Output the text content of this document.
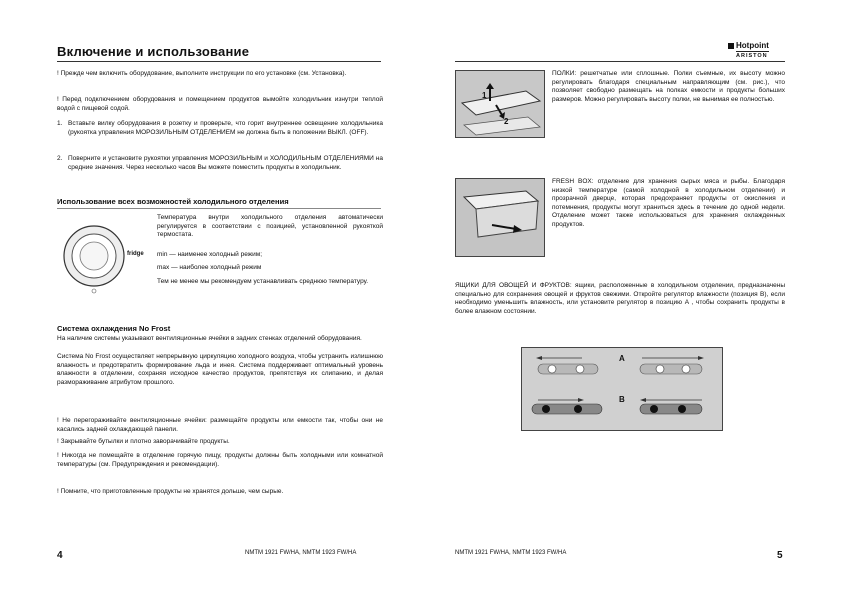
Включение и использование
! Прежде чем включить оборудование, выполните инструкции по его установке (см. Установка).
! Перед подключением оборудования и помещением продуктов вымойте холодильник изнутри теплой водой с пищевой содой.
1. Вставьте вилку оборудования в розетку и проверьте, что горит внутреннее освещение холодильника (рукоятка управления МОРОЗИЛЬНЫМ ОТДЕЛЕНИЕМ не должна быть в положении ВЫКЛ. (OFF).
2. Поверните и установите рукоятки управления МОРОЗИЛЬНЫМ и ХОЛОДИЛЬНЫМ ОТДЕЛЕНИЯМИ на средние значения. Через несколько часов Вы можете поместить продукты в холодильник.
Использование всех возможностей холодильного отделения
fridge
Температура внутри холодильного отделения автоматически регулируется в соответствии с позицией, установленной рукояткой термостата.
min — наименее холодный режим;
max — наиболее холодный режим
Тем не менее мы рекомендуем устанавливать среднюю температуру.
Система охлаждения No Frost
На наличие системы указывают вентиляционные ячейки в задних стенках отделений оборудования.
Система No Frost осуществляет непрерывную циркуляцию холодного воздуха, чтобы устранить излишнюю влажность и предотвратить формирование льда и инея. Система поддерживает оптимальный уровень влажности в отделении, сохраняя исходное качество продуктов, препятствуя их слипанию, и делая размораживание атрибутом прошлого.
! Не перегораживайте вентиляционные ячейки: размещайте продукты или емкости так, чтобы они не касались задней охлаждающей панели.
! Закрывайте бутылки и плотно заворачивайте продукты.
! Никогда не помещайте в отделение горячую пищу, продукты должны быть холодными или комнатной температуры (см. Предупреждения и рекомендации).
! Помните, что приготовленные продукты не хранятся дольше, чем сырые.
4	NMTM 1921 FW/HA, NMTM 1923 FW/HA
Hotpoint
ARISTON
1
2
ПОЛКИ: решетчатые или сплошные. Полки съемные, их высоту можно регулировать благодаря специальным направляющим (см. рис.), что позволяет свободно размещать на полках емкости и продукты больших размеров. Можно регулировать высоту полки, не вынимая ее полностью.
FRESH BOX: отделение для хранения сырых мяса и рыбы. Благодаря низкой температуре (самой холодной в холодильном отделении) и прозрачной дверце, которая предохраняет продукты от окисления и потемнения, продукты могут храниться здесь в течение до одной недели. Отделение может также использоваться для хранения охлажденных продуктов.
ЯЩИКИ ДЛЯ ОВОЩЕЙ И ФРУКТОВ: ящики, расположенные в холодильном отделении, предназначены специально для сохранения овощей и фруктов свежими. Откройте регулятор влажности (позиция B), если необходимо уменьшить влажность, или установите регулятор в позицию A , чтобы сохранить продукты в более влажном состоянии.
A
B
NMTM 1921 FW/HA, NMTM 1923 FW/HA	5
